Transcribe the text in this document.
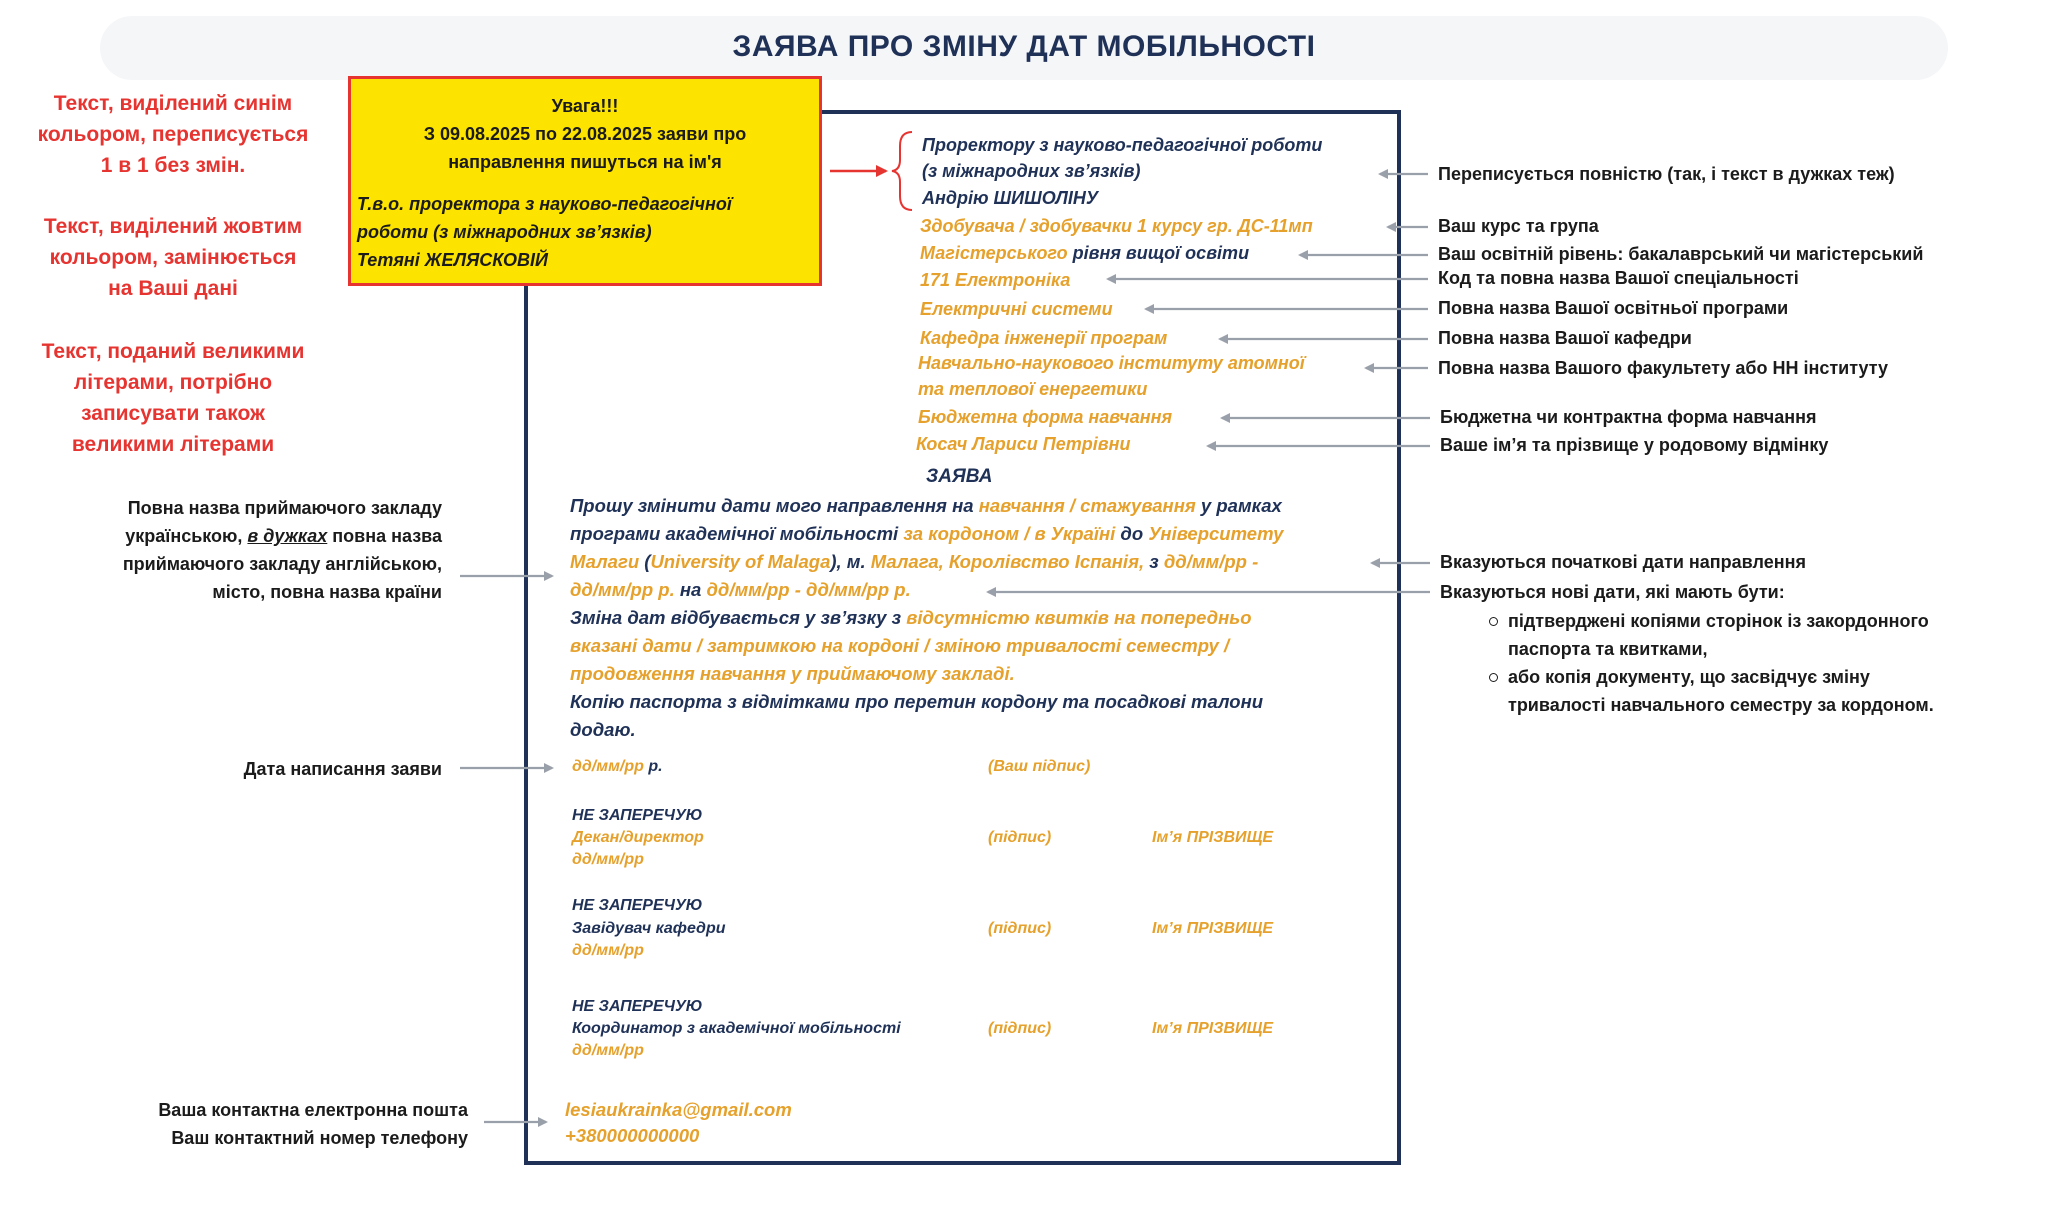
ЗАЯВА ПРО ЗМІНУ ДАТ МОБІЛЬНОСТІ
Текст, виділений синім
кольором, переписується
1 в 1 без змін.
Текст, виділений жовтим
кольором, замінюється
на Ваші дані
Текст, поданий великими
літерами, потрібно
записувати також
великими літерами
Увага!!!
З 09.08.2025 по 22.08.2025 заяви про
направлення пишуться на ім'я
Т.в.о. проректора з науково-педагогічної
роботи (з міжнародних зв’язків)
Тетяні ЖЕЛЯСКОВІЙ
Проректору з науково-педагогічної роботи
(з міжнародних зв’язків)
Андрію ШИШОЛІНУ
Здобувача / здобувачки 1 курсу гр. ДС-11мп
Магістерського рівня вищої освіти
171 Електроніка
Електричні системи
Кафедра інженерії програм
Навчально-наукового інституту атомної
та теплової енергетики
Бюджетна форма навчання
Косач Лариси Петрівни
ЗАЯВА
Прошу змінити дати мого направлення на навчання / стажування у рамках
програми академічної мобільності за кордоном / в Україні до Університету
Малаги (University of Malaga), м. Малага, Королівство Іспанія, з дд/мм/рр -
дд/мм/рр р. на дд/мм/рр - дд/мм/рр р.
Зміна дат відбувається у зв’язку з відсутністю квитків на попередньо
вказані дати / затримкою на кордоні / зміною тривалості семестру /
продовження навчання у приймаючому закладі.
Копію паспорта з відмітками про перетин кордону та посадкові талони
додаю.
дд/мм/рр р.	(Ваш підпис)
НЕ ЗАПЕРЕЧУЮ
Декан/директор
дд/мм/рр
(підпис)	Ім’я ПРІЗВИЩЕ
НЕ ЗАПЕРЕЧУЮ
Завідувач кафедри
дд/мм/рр
(підпис)	Ім’я ПРІЗВИЩЕ
НЕ ЗАПЕРЕЧУЮ
Координатор з академічної мобільності
дд/мм/рр
(підпис)	Ім’я ПРІЗВИЩЕ
lesiaukrainka@gmail.com
+380000000000
Переписується повністю (так, і текст в дужках теж)
Ваш курс та група
Ваш освітній рівень: бакалаврський чи магістерський
Код та повна назва Вашої спеціальності
Повна назва Вашої освітньої програми
Повна назва Вашої кафедри
Повна назва Вашого факультету або НН інституту
Бюджетна чи контрактна форма навчання
Ваше ім’я та прізвище у родовому відмінку
Вказуються початкові дати направлення
Вказуються нові дати, які мають бути:
підтверджені копіями сторінок із закордонного
паспорта та квитками,
або копія документу, що засвідчує зміну
тривалості навчального семестру за кордоном.
Повна назва приймаючого закладу
українською, в дужках повна назва
приймаючого закладу англійською,
місто, повна назва країни
Дата написання заяви
Ваша контактна електронна пошта
Ваш контактний номер телефону
